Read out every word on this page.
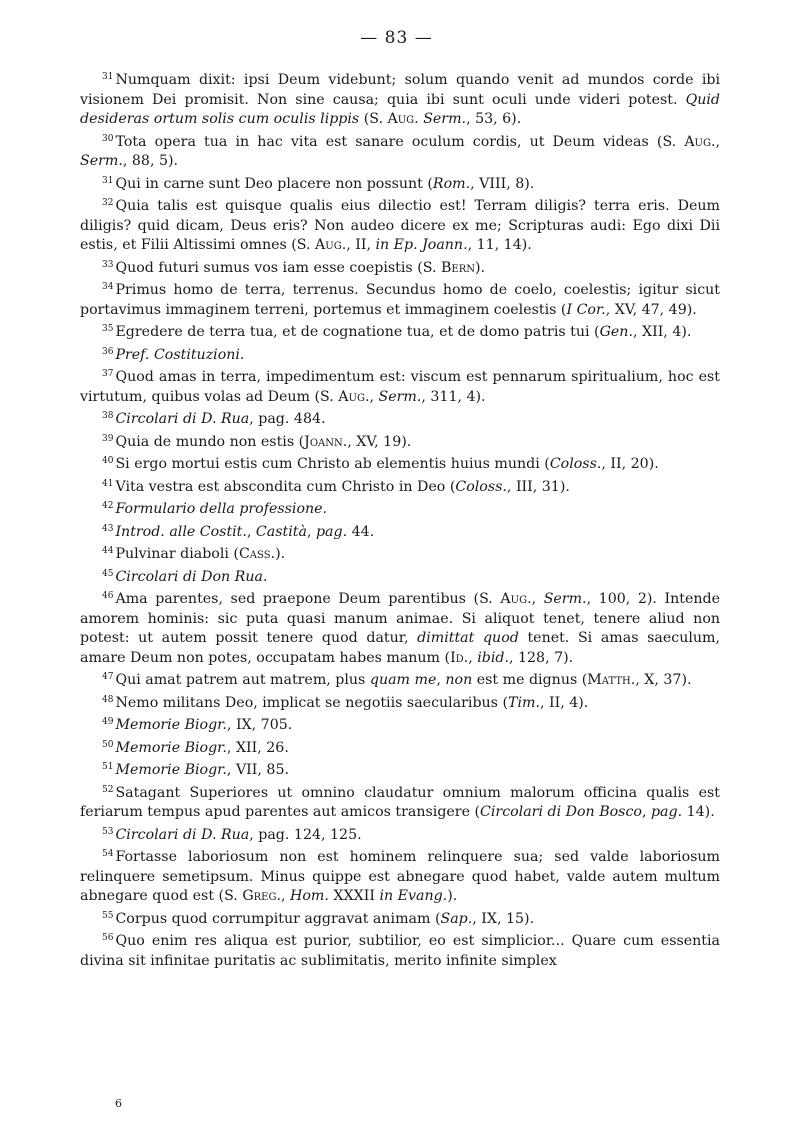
— 83 —

$^{31}$ Numquam dixit: ipsi Deum videbunt; solum quando venit ad mundos corde ibi visionem Dei promisit. Non sine causa; quia ibi sunt oculi unde videri potest. Quid desideras ortum solis cum oculis lippis (S. Aug. Serm., 53, 6).

$^{30}$ Tota opera tua in hac vita est sanare oculum cordis, ut Deum videas (S. Aug., Serm., 88, 5).

$^{31}$ Qui in carne sunt Deo placere non possunt (Rom., VIII, 8).

$^{32}$ Quia talis est quisque qualis eius dilectio est! Terram diligis? terra eris. Deum diligis? quid dicam, Deus eris? Non audeo dicere ex me; Scripturas audi: Ego dixi Dii estis, et Filii Altissimi omnes (S. Aug., II, in Ep. Joann., 11, 14).

$^{33}$ Quod futuri sumus vos iam esse coepistis (S. Bern).

$^{34}$ Primus homo de terra, terrenus. Secundus homo de coelo, coelestis; igitur sicut portavimus immaginem terreni, portemus et immaginem coelestis (I Cor., XV, 47, 49).

$^{35}$ Egredere de terra tua, et de cognatione tua, et de domo patris tui (Gen., XII, 4).

$^{36}$ Pref. Costituzioni.

$^{37}$ Quod amas in terra, impedimentum est: viscum est pennarum spiritualium, hoc est virtutum, quibus volas ad Deum (S. Aug., Serm., 311, 4).

$^{38}$ Circolari di D. Rua, pag. 484.

$^{39}$ Quia de mundo non estis (Joann., XV, 19).

$^{40}$ Si ergo mortui estis cum Christo ab elementis huius mundi (Coloss., II, 20).

$^{41}$ Vita vestra est abscondita cum Christo in Deo (Coloss., III, 31).

$^{42}$ Formulario della professione.

$^{43}$ Introd. alle Costit., Castità, pag. 44.

$^{44}$ Pulvinar diaboli (Cass.).

$^{45}$ Circolari di Don Rua.

$^{46}$ Ama parentes, sed praepone Deum parentibus (S. Aug., Serm., 100, 2). Intende amorem hominis: sic puta quasi manum animae. Si aliquot tenet, tenere aliud non potest: ut autem possit tenere quod datur, dimittat quod tenet. Si amas saeculum, amare Deum non potes, occupatam habes manum (Id., ibid., 128, 7).

$^{47}$ Qui amat patrem aut matrem, plus quam me, non est me dignus (Matth., X, 37).

$^{48}$ Nemo militans Deo, implicat se negotiis saecularibus (Tim., II, 4).

$^{49}$ Memorie Biogr., IX, 705.

$^{50}$ Memorie Biogr., XII, 26.

$^{51}$ Memorie Biogr., VII, 85.

$^{52}$ Satagant Superiores ut omnino claudatur omnium malorum officina qualis est feriarum tempus apud parentes aut amicos transigere (Circolari di Don Bosco, pag. 14).

$^{53}$ Circolari di D. Rua, pag. 124, 125.

$^{54}$ Fortasse laboriosum non est hominem relinquere sua; sed valde laboriosum relinquere semetipsum. Minus quippe est abnegare quod habet, valde autem multum abnegare quod est (S. Greg., Hom. XXXII in Evang.).

$^{55}$ Corpus quod corrumpitur aggravat animam (Sap., IX, 15).

$^{56}$ Quo enim res aliqua est purior, subtilior, eo est simplicior... Quare cum essentia divina sit infinitae puritatis ac sublimitatis, merito infinite simplex

6
